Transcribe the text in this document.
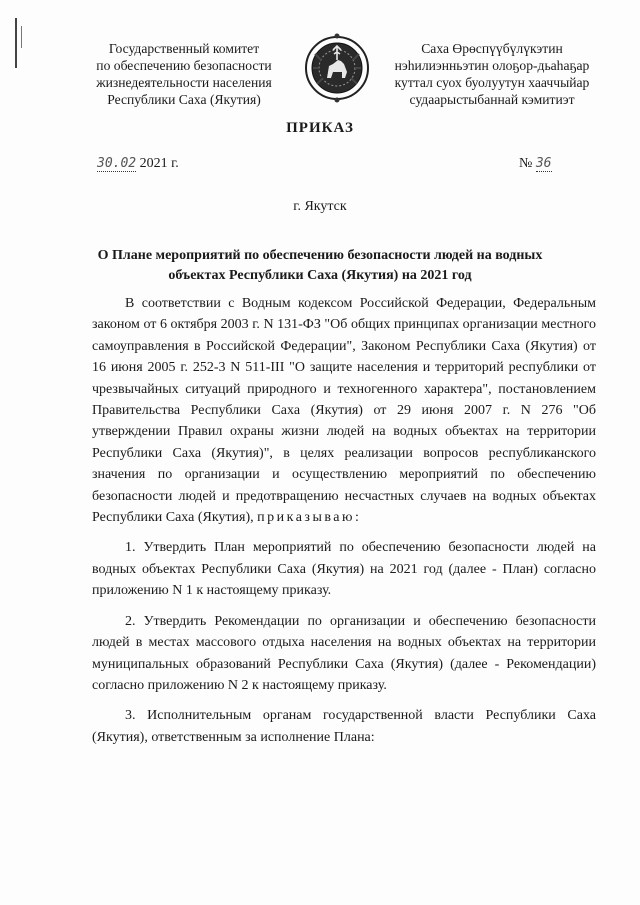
Государственный комитет
по обеспечению безопасности
жизнедеятельности населения
Республики Саха (Якутия)
Саха Өрөспүүбүлүкэтин
нэһилиэнньэтин олоҕор-дьаһаҕар
куттал суох буолуутун хааччыйар
судаарыстыбаннай кэмитиэт
ПРИКАЗ
30.02 2021 г.	№ 36
г. Якутск
О Плане мероприятий по обеспечению безопасности людей на водных объектах Республики Саха (Якутия) на 2021 год

В соответствии с Водным кодексом Российской Федерации, Федеральным законом от 6 октября 2003 г. N 131-ФЗ "Об общих принципах организации местного самоуправления в Российской Федерации", Законом Республики Саха (Якутия) от 16 июня 2005 г. 252-3 N 511-III "О защите населения и территорий республики от чрезвычайных ситуаций природного и техногенного характера", постановлением Правительства Республики Саха (Якутия) от 29 июня 2007 г. N 276 "Об утверждении Правил охраны жизни людей на водных объектах на территории Республики Саха (Якутия)", в целях реализации вопросов республиканского значения по организации и осуществлению мероприятий по обеспечению безопасности людей и предотвращению несчастных случаев на водных объектах Республики Саха (Якутия), приказываю:

1. Утвердить План мероприятий по обеспечению безопасности людей на водных объектах Республики Саха (Якутия) на 2021 год (далее - План) согласно приложению N 1 к настоящему приказу.

2. Утвердить Рекомендации по организации и обеспечению безопасности людей в местах массового отдыха населения на водных объектах на территории муниципальных образований Республики Саха (Якутия) (далее - Рекомендации) согласно приложению N 2 к настоящему приказу.

3. Исполнительным органам государственной власти Республики Саха (Якутия), ответственным за исполнение Плана:
